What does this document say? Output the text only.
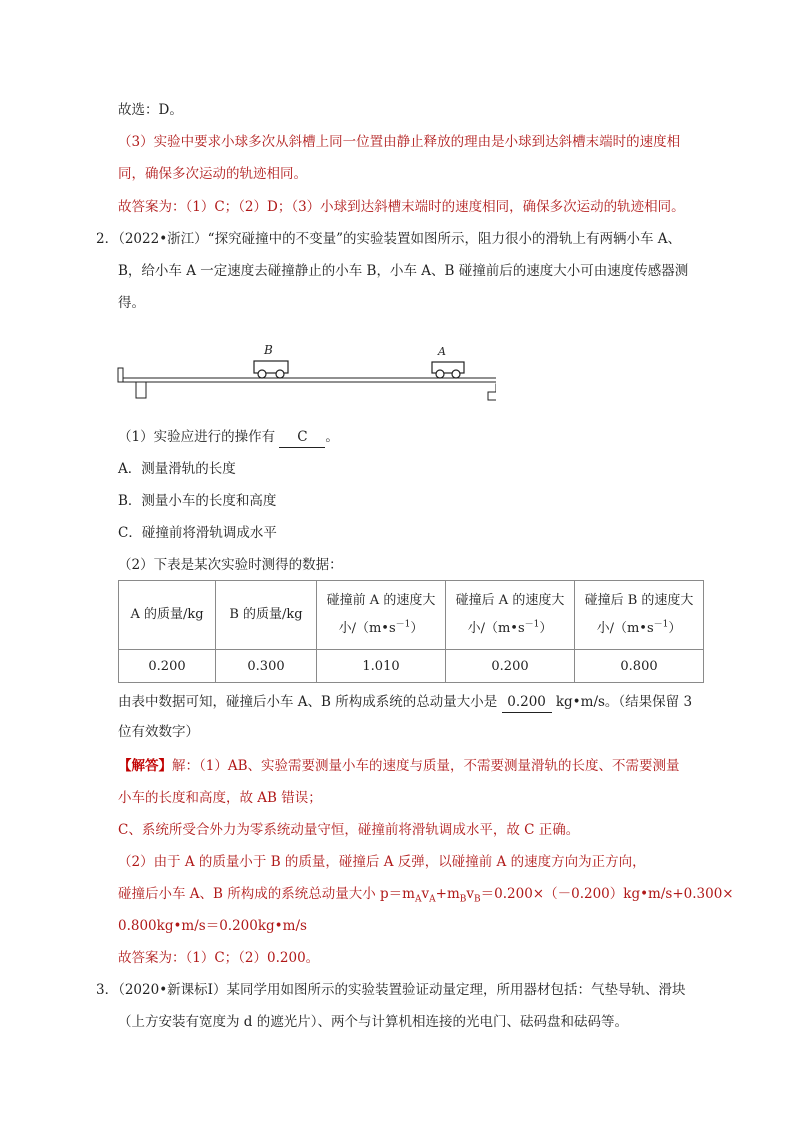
故选：D。
（3）实验中要求小球多次从斜槽上同一位置由静止释放的理由是小球到达斜槽末端时的速度相
同，确保多次运动的轨迹相同。
故答案为：（1）C；（2）D；（3）小球到达斜槽末端时的速度相同，确保多次运动的轨迹相同。
2．（2022•浙江）“探究碰撞中的不变量”的实验装置如图所示，阻力很小的滑轨上有两辆小车 A、
B，给小车 A 一定速度去碰撞静止的小车 B，小车 A、B 碰撞前后的速度大小可由速度传感器测
得。
B	A
（1）实验应进行的操作有 C 。
A．测量滑轨的长度
B．测量小车的长度和高度
C．碰撞前将滑轨调成水平
（2）下表是某次实验时测得的数据：
A 的质量/kg	B 的质量/kg	碰撞前 A 的速度大
小$/(m•s^{-1})$	碰撞后 A 的速度大
小$/(m•s^{-1})$	碰撞后 B 的速度大
小$/(m•s^{-1})$
0.200	0.300	1.010	0.200	0.800
由表中数据可知，碰撞后小车 A、B 所构成系统的总动量大小是 0.200 kg•m/s。（结果保留 3
位有效数字）
【解答】解：（1）AB、实验需要测量小车的速度与质量，不需要测量滑轨的长度、不需要测量
小车的长度和高度，故 AB 错误；
C、系统所受合外力为零系统动量守恒，碰撞前将滑轨调成水平，故 C 正确。
（2）由于 A 的质量小于 B 的质量，碰撞后 A 反弹，以碰撞前 A 的速度方向为正方向，
碰撞后小车 A、B 所构成的系统总动量大小 $p=m_Av_A+m_Bv_B=0.200\times(-0.200)kg•m/s+0.300\times$
0.800kg•m/s＝0.200kg•m/s
故答案为：（1）C；（2）0.200。
3．（2020•新课标Ⅰ）某同学用如图所示的实验装置验证动量定理，所用器材包括：气垫导轨、滑块
（上方安装有宽度为 d 的遮光片）、两个与计算机相连接的光电门、砝码盘和砝码等。
